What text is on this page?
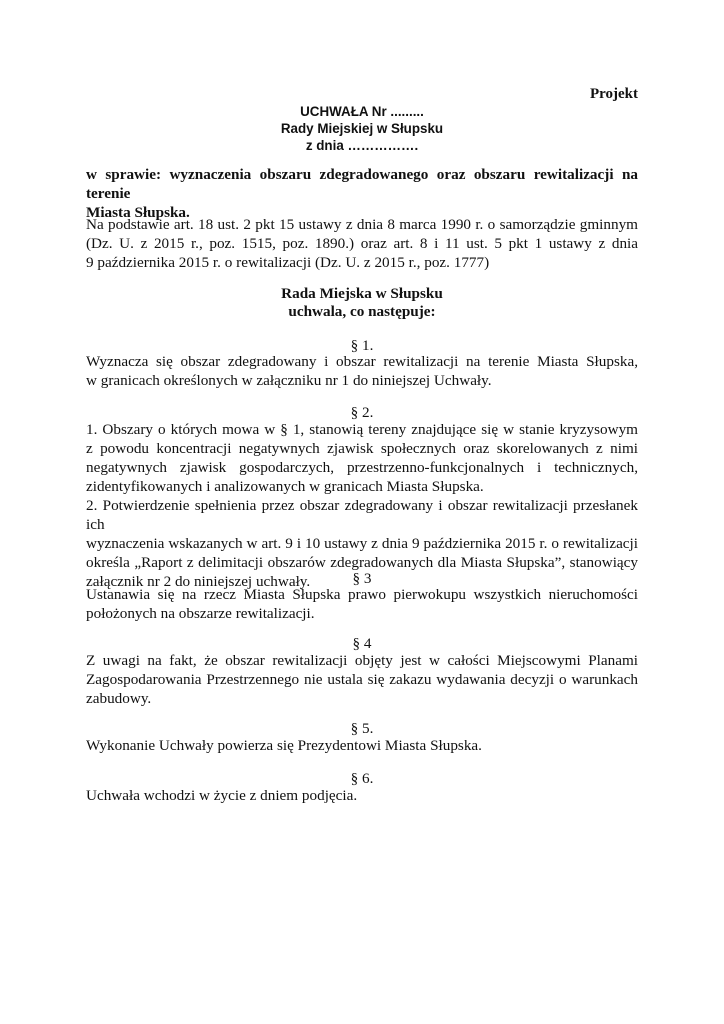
Projekt
UCHWAŁA Nr .........
Rady Miejskiej w Słupsku
z dnia …………….
w sprawie: wyznaczenia obszaru zdegradowanego oraz obszaru rewitalizacji na terenie
Miasta Słupska.
Na podstawie art. 18 ust. 2 pkt 15 ustawy z dnia 8 marca 1990 r. o samorządzie gminnym
(Dz. U. z 2015 r., poz. 1515, poz. 1890.) oraz art. 8 i 11 ust. 5 pkt 1 ustawy z dnia
9 października 2015 r. o rewitalizacji (Dz. U. z 2015 r., poz. 1777)
Rada Miejska w Słupsku
uchwala, co następuje:
§ 1.
Wyznacza się obszar zdegradowany i obszar rewitalizacji na terenie Miasta Słupska,
w granicach określonych w załączniku nr 1 do niniejszej Uchwały.
§ 2.
1. Obszary o których mowa w § 1, stanowią tereny znajdujące się w stanie kryzysowym
z powodu koncentracji negatywnych zjawisk społecznych oraz skorelowanych z nimi
negatywnych zjawisk gospodarczych, przestrzenno-funkcjonalnych i technicznych,
zidentyfikowanych i analizowanych w granicach Miasta Słupska.
2. Potwierdzenie spełnienia przez obszar zdegradowany i obszar rewitalizacji przesłanek ich
wyznaczenia wskazanych w art. 9 i 10 ustawy z dnia 9 października 2015 r. o rewitalizacji
określa „Raport z delimitacji obszarów zdegradowanych dla Miasta Słupska”, stanowiący
załącznik nr 2 do niniejszej uchwały.	§ 3
Ustanawia się na rzecz Miasta Słupska prawo pierwokupu wszystkich nieruchomości
położonych na obszarze rewitalizacji.
§ 4
Z uwagi na fakt, że obszar rewitalizacji objęty jest w całości Miejscowymi Planami
Zagospodarowania Przestrzennego nie ustala się zakazu wydawania decyzji o warunkach
zabudowy.
§ 5.
Wykonanie Uchwały powierza się Prezydentowi Miasta Słupska.
§ 6.
Uchwała wchodzi w życie z dniem podjęcia.
